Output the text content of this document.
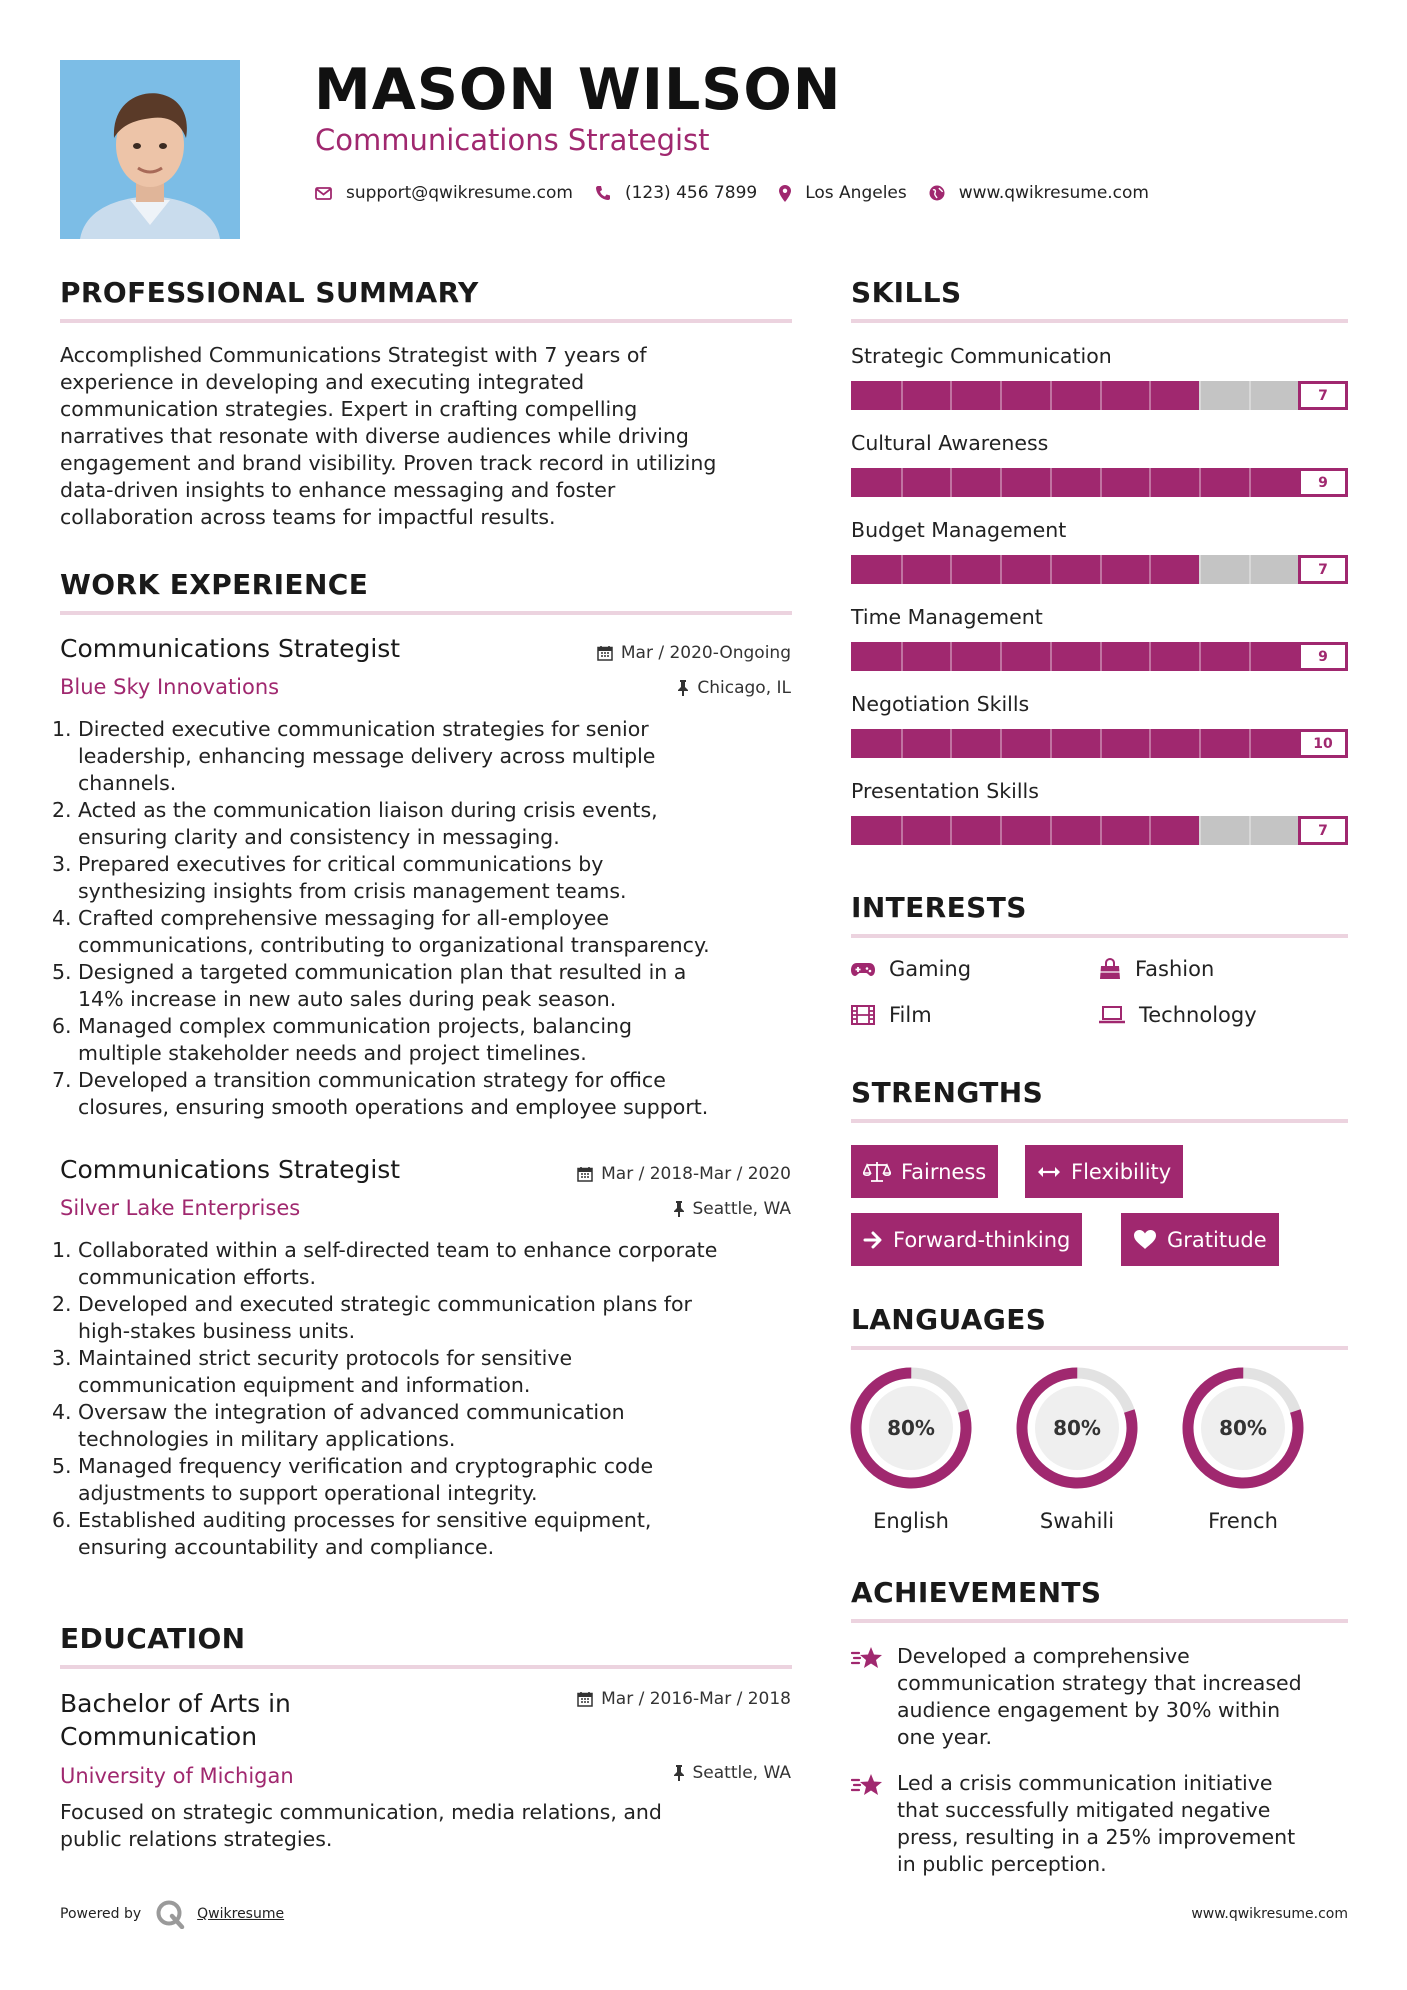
MASON WILSON
Communications Strategist
support@qwikresume.com	(123) 456 7899	Los Angeles	www.qwikresume.com
PROFESSIONAL SUMMARY
Accomplished Communications Strategist with 7 years of
experience in developing and executing integrated
communication strategies. Expert in crafting compelling
narratives that resonate with diverse audiences while driving
engagement and brand visibility. Proven track record in utilizing
data-driven insights to enhance messaging and foster
collaboration across teams for impactful results.
WORK EXPERIENCE
Communications Strategist	Mar / 2020-Ongoing
Blue Sky Innovations	Chicago, IL
1. Directed executive communication strategies for senior
leadership, enhancing message delivery across multiple
channels.
2. Acted as the communication liaison during crisis events,
ensuring clarity and consistency in messaging.
3. Prepared executives for critical communications by
synthesizing insights from crisis management teams.
4. Crafted comprehensive messaging for all-employee
communications, contributing to organizational transparency.
5. Designed a targeted communication plan that resulted in a
14% increase in new auto sales during peak season.
6. Managed complex communication projects, balancing
multiple stakeholder needs and project timelines.
7. Developed a transition communication strategy for office
closures, ensuring smooth operations and employee support.
Communications Strategist	Mar / 2018-Mar / 2020
Silver Lake Enterprises	Seattle, WA
1. Collaborated within a self-directed team to enhance corporate
communication efforts.
2. Developed and executed strategic communication plans for
high-stakes business units.
3. Maintained strict security protocols for sensitive
communication equipment and information.
4. Oversaw the integration of advanced communication
technologies in military applications.
5. Managed frequency verification and cryptographic code
adjustments to support operational integrity.
6. Established auditing processes for sensitive equipment,
ensuring accountability and compliance.
EDUCATION
Bachelor of Arts in
Communication
Mar / 2016-Mar / 2018
University of Michigan	Seattle, WA
Focused on strategic communication, media relations, and
public relations strategies.
SKILLS
Strategic Communication
7
Cultural Awareness
9
Budget Management
7
Time Management
9
Negotiation Skills
10
Presentation Skills
7
INTERESTS
Gaming	Fashion
Film	Technology
STRENGTHS
Fairness	Flexibility
Forward-thinking	Gratitude
LANGUAGES
80%
English
80%
Swahili
80%
French
ACHIEVEMENTS
Developed a comprehensive
communication strategy that increased
audience engagement by 30% within
one year.
Led a crisis communication initiative
that successfully mitigated negative
press, resulting in a 25% improvement
in public perception.
Powered by	Qwikresume	www.qwikresume.com
